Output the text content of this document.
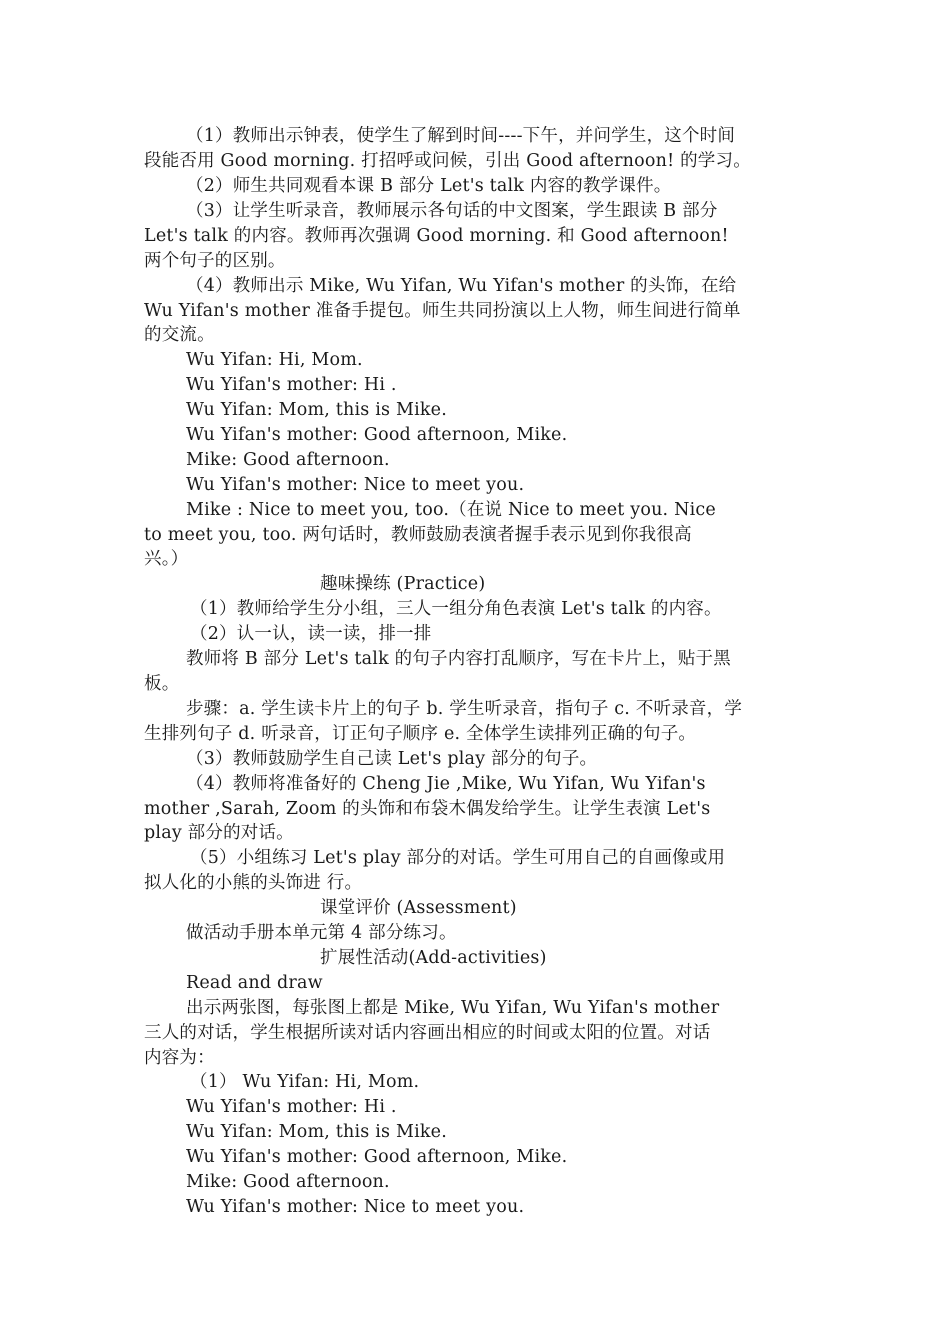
（1）教师出示钟表，使学生了解到时间----下午，并问学生，这个时间
段能否用 Good morning. 打招呼或问候，引出 Good afternoon! 的学习。
（2）师生共同观看本课 B 部分 Let's talk 内容的教学课件。
（3）让学生听录音，教师展示各句话的中文图案，学生跟读 B 部分
Let's talk 的内容。教师再次强调 Good morning. 和 Good afternoon!
两个句子的区别。
（4）教师出示 Mike, Wu Yifan, Wu Yifan's mother 的头饰，在给
Wu Yifan's mother 准备手提包。师生共同扮演以上人物，师生间进行简单
的交流。
Wu Yifan: Hi, Mom.
Wu Yifan's mother: Hi .
Wu Yifan: Mom, this is Mike.
Wu Yifan's mother: Good afternoon, Mike.
Mike: Good afternoon.
Wu Yifan's mother: Nice to meet you.
Mike : Nice to meet you, too.（在说 Nice to meet you. Nice
to meet you, too. 两句话时，教师鼓励表演者握手表示见到你我很高
兴。）
趣味操练 (Practice)
（1）教师给学生分小组，三人一组分角色表演 Let's talk 的内容。
（2）认一认，读一读，排一排
教师将 B 部分 Let's talk 的句子内容打乱顺序，写在卡片上，贴于黑
板。
步骤：a. 学生读卡片上的句子 b. 学生听录音，指句子 c. 不听录音，学
生排列句子 d. 听录音，订正句子顺序 e. 全体学生读排列正确的句子。
（3）教师鼓励学生自己读 Let's play 部分的句子。
（4）教师将准备好的 Cheng Jie ,Mike, Wu Yifan, Wu Yifan's
mother ,Sarah, Zoom 的头饰和布袋木偶发给学生。让学生表演 Let's
play 部分的对话。
（5）小组练习 Let's play 部分的对话。学生可用自己的自画像或用
拟人化的小熊的头饰进 行。
课堂评价 (Assessment)
做活动手册本单元第 4 部分练习。
扩展性活动(Add-activities)
Read and draw
出示两张图，每张图上都是 Mike, Wu Yifan, Wu Yifan's mother
三人的对话，学生根据所读对话内容画出相应的时间或太阳的位置。对话
内容为：
（1） Wu Yifan: Hi, Mom.
Wu Yifan's mother: Hi .
Wu Yifan: Mom, this is Mike.
Wu Yifan's mother: Good afternoon, Mike.
Mike: Good afternoon.
Wu Yifan's mother: Nice to meet you.
